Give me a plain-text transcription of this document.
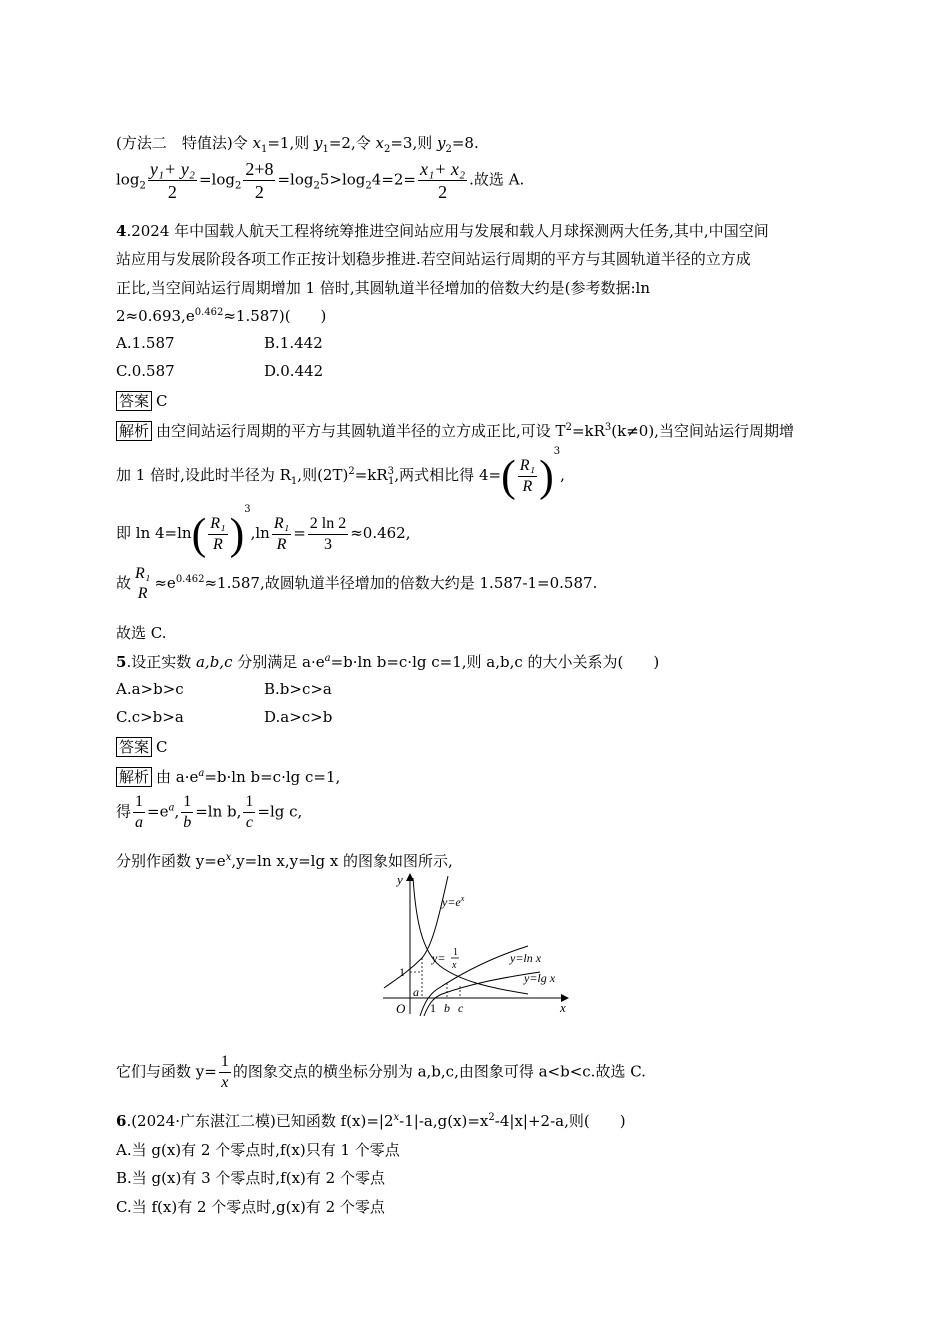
(方法二　特值法)令 $x_1=1$,则 $y_1=2$,令 $x_2=3$,则 $y_2=8$.
$\log_2 \frac{\text{y₁+ y₂}}{2} =\log_2 \frac{2+8}{2} =\log_25>\log_24=2= \frac{\text{x₁+ x₂}}{2}$ .故选 A.
4.2024 年中国载人航天工程将统筹推进空间站应用与发展和载人月球探测两大任务,其中,中国空间
站应用与发展阶段各项工作正按计划稳步推进.若空间站运行周期的平方与其圆轨道半径的立方成
正比,当空间站运行周期增加 1 倍时,其圆轨道半径增加的倍数大约是(参考数据:ln
$2\approx 0.693,e^{0.462}\approx 1.587$)(　　)
A.1.587	B.1.442
C.0.587	D.0.442
答案 C
解析 由空间站运行周期的平方与其圆轨道半径的立方成正比,可设 $T^2=kR^3(k\ne 0)$,当空间站运行周期增
加 1 倍时,设此时半径为 $R_1$,则$(2T)^2=kR^3_1$,两式相比得 $4=( \frac{\text{R₁}}{R} )^3$,
即 $\ln 4=\ln( \frac{\text{R₁}}{R} )^3,\ln \frac{\text{R₁}}{R} = \frac{2 \ln 2}{3} \approx 0.462$,
故
R₁
R
$\approx e^{0.462}\approx 1.587$,故圆轨道半径增加的倍数大约是 1.587-1=0.587.
故选 C.
5.设正实数 a,b,c 分别满足 $a\cdot e^a=b\cdot\ln$ b=c·lg c=1,则 a,b,c 的大小关系为(　　)
A.a>b>c	B.b>c>a
C.c>b>a	D.a>c>b
答案 C
解析 由 $a\cdot e^a=b\cdot\ln$ b=c·lg c=1,
得 $\frac{1}{a} =e^a$, $\frac{1}{b} =\ln$ b, $\frac{1}{c} =\lg$ c,
分别作函数 $y=e^x,y=\ln$ x,y=lg x 的图象如图所示,
y
x
O
1
a
1 b c
$y=e^x$
y= 1
x
y=ln x
y=lg x
它们与函数 $y= \frac{1}{x}$ 的图象交点的横坐标分别为 a,b,c,由图象可得 a<b<c.故选 C.
6.(2024·广东湛江二模)已知函数 $f(x)=|2^x-1|-a,g(x)=x^2-4|x|+2-a$,则(　　)
A.当 g(x)有 2 个零点时,f(x)只有 1 个零点
B.当 g(x)有 3 个零点时,f(x)有 2 个零点
C.当 f(x)有 2 个零点时,g(x)有 2 个零点
